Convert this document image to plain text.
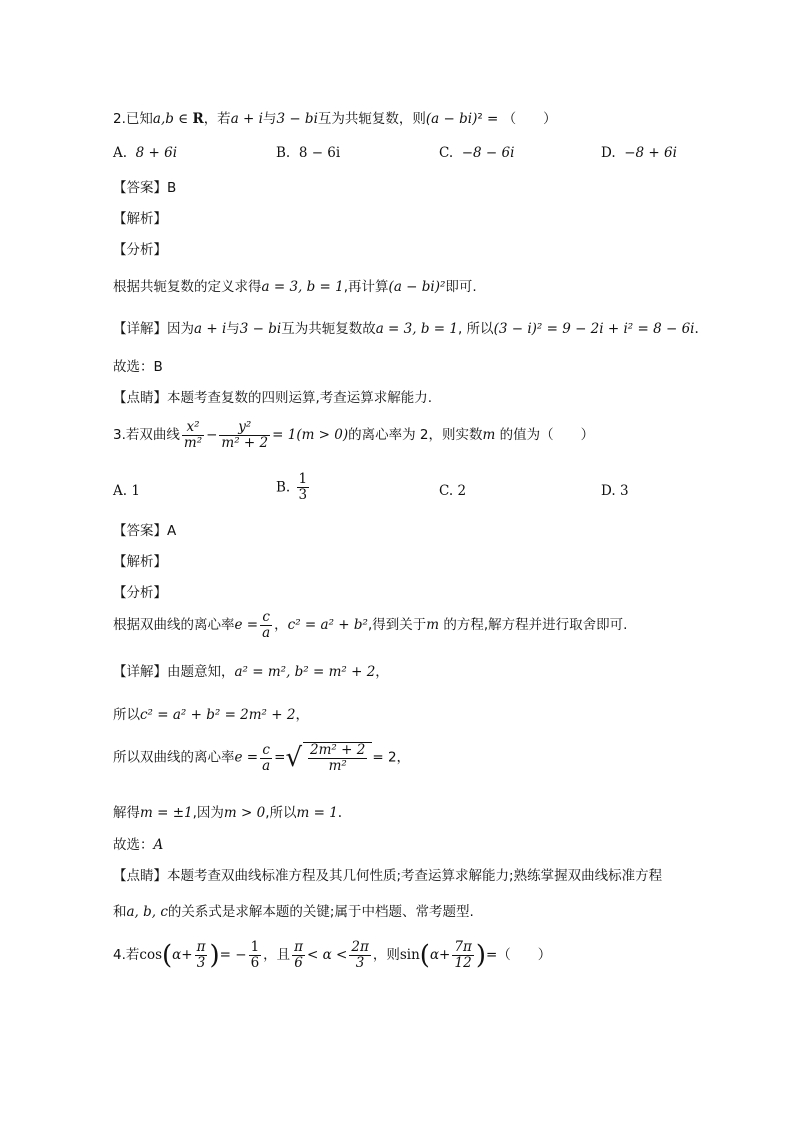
2.已知a,b ∈ R，若a + i与3 − bi互为共轭复数，则(a − bi)² = （　　）
A. 8 + 6i	B. 8 − 6i	C. −8 − 6i	D. −8 + 6i
【答案】B
【解析】
【分析】
根据共轭复数的定义求得a = 3, b = 1,再计算(a − bi)²即可.
【详解】因为a + i与3 − bi互为共轭复数故a = 3, b = 1, 所以(3 − i)² = 9 − 2i + i² = 8 − 6i.
故选：B
【点睛】本题考查复数的四则运算,考查运算求解能力.
3.若双曲线 $\frac{\text{x²}}{\text{m²}} - \frac{\text{y²}}{\text{m² + 2}} = 1(m > 0)$的离心率为 2，则实数m 的值为（　　）
A. 1	B. $\frac{1}{3}$	C. 2	D. 3
【答案】A
【解析】
【分析】
根据双曲线的离心率$e = \frac{c}{a}$ ，c² = a² + b²,得到关于m 的方程,解方程并进行取舍即可.
【详解】由题意知，a² = m², b² = m² + 2，
所以c² = a² + b² = 2m² + 2，
所以双曲线的离心率$e = \frac{c}{a}$ =√ $\frac{\text{2m² + 2}}{\text{m²}} = 2$，
解得m = ±1,因为m > 0,所以m = 1.
故选：A
【点睛】本题考查双曲线标准方程及其几何性质;考查运算求解能力;熟练掌握双曲线标准方程
和a, b, c的关系式是求解本题的关键;属于中档题、常考题型.
4.若$\cos(\alpha+ \frac{\pi}{3}$ )= − $\frac{1}{6}$ ，且 $\frac{\pi}{6} < \alpha < \frac{2\pi}{3}$ ，则$\sin(\alpha+ \frac{7\pi}{12}$ )=（　　）
